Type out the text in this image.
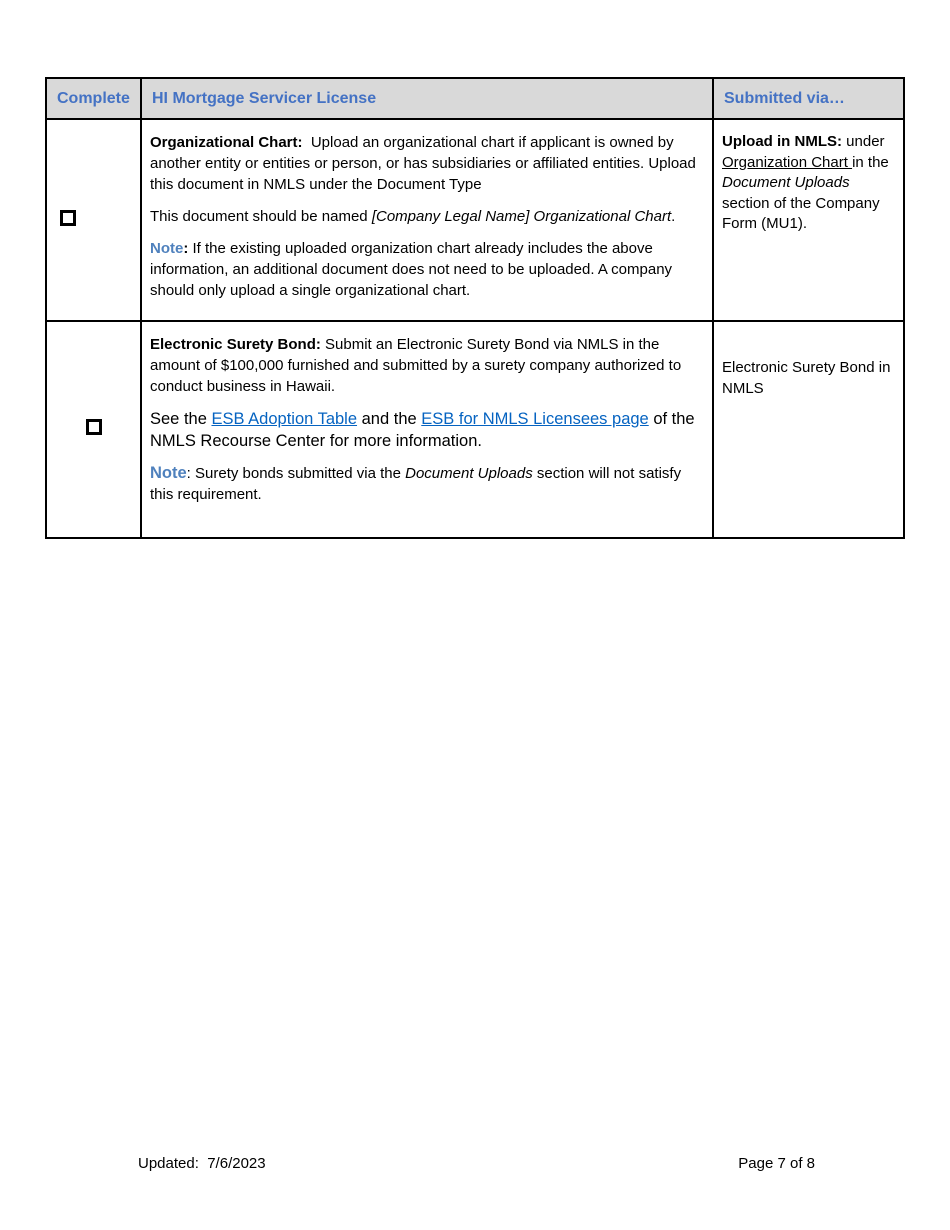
Complete	HI Mortgage Servicer License	Submitted via…

	Organizational Chart:  Upload an organizational chart if applicant is owned by another entity or entities or person, or has subsidiaries or affiliated entities. Upload this document in NMLS under the Document Type

This document should be named [Company Legal Name] Organizational Chart.

Note: If the existing uploaded organization chart already includes the above information, an additional document does not need to be uploaded. A company should only upload a single organizational chart.	Upload in NMLS: under Organization Chart in the Document Uploads section of the Company Form (MU1).

	Electronic Surety Bond: Submit an Electronic Surety Bond via NMLS in the amount of $100,000 furnished and submitted by a surety company authorized to conduct business in Hawaii.

See the ESB Adoption Table and the ESB for NMLS Licensees page of the NMLS Recourse Center for more information.

Note: Surety bonds submitted via the Document Uploads section will not satisfy this requirement.	Electronic Surety Bond in NMLS

Updated:  7/6/2023	Page 7 of 8
